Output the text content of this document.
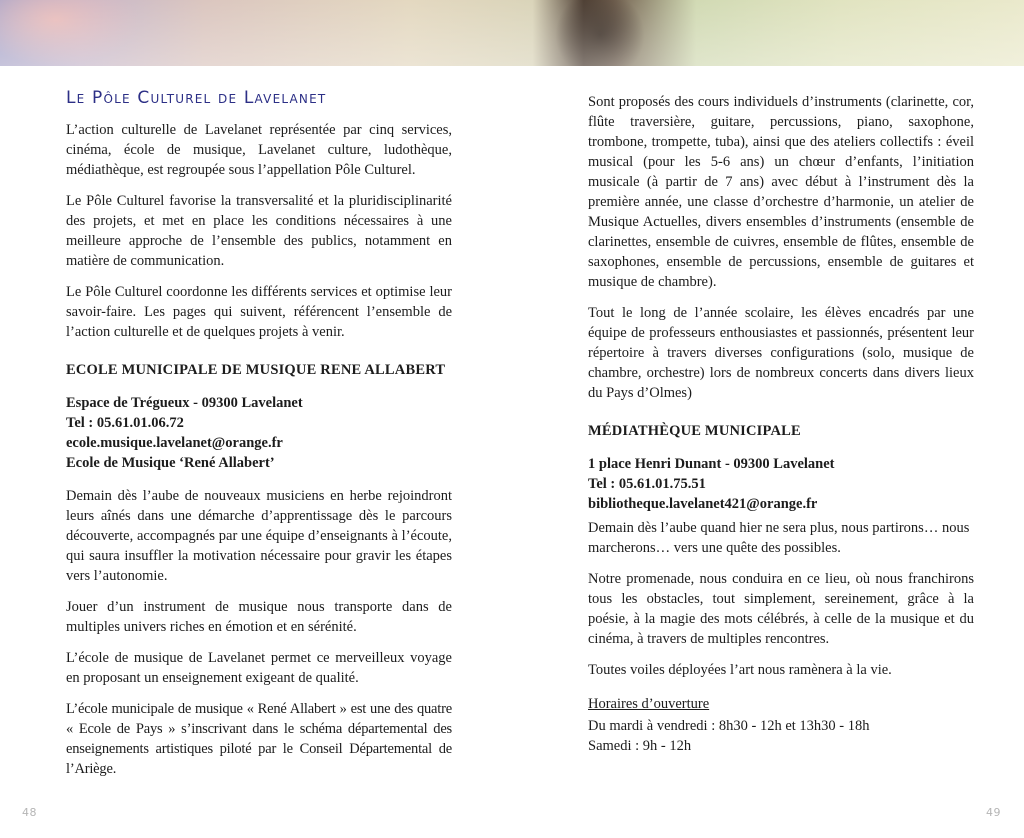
Le Pôle Culturel de Lavelanet

L’action culturelle de Lavelanet représentée par cinq services, cinéma, école de musique, Lavelanet culture, ludothèque, médiathèque, est regroupée sous l’appellation Pôle Culturel.

Le Pôle Culturel favorise la transversalité et la pluridisciplinarité des projets, et met en place les conditions nécessaires à une meilleure approche de l’ensemble des publics, notamment en matière de communication.

Le Pôle Culturel coordonne les différents services et optimise leur savoir-faire. Les pages qui suivent, référencent l’ensemble de l’action culturelle et de quelques projets à venir.

ECOLE MUNICIPALE DE MUSIQUE RENE ALLABERT
Espace de Trégueux - 09300 Lavelanet
Tel : 05.61.01.06.72
ecole.musique.lavelanet@orange.fr
Ecole de Musique ‘René Allabert’

Demain dès l’aube de nouveaux musiciens en herbe rejoindront leurs aînés dans une démarche d’apprentissage dès le parcours découverte, accompagnés par une équipe d’enseignants à l’écoute, qui saura insuffler la motivation nécessaire pour gravir les étapes vers l’autonomie.

Jouer d’un instrument de musique nous transporte dans de multiples univers riches en émotion et en sérénité.

L’école de musique de Lavelanet permet ce merveilleux voyage en proposant un enseignement exigeant de qualité.

L’école municipale de musique « René Allabert » est une des quatre « Ecole de Pays » s’inscrivant dans le schéma départemental des enseignements artistiques piloté par le Conseil Départemental de l’Ariège.

Sont proposés des cours individuels d’instruments (clarinette, cor, flûte traversière, guitare, percussions, piano, saxophone, trombone, trompette, tuba), ainsi que des ateliers collectifs : éveil musical (pour les 5-6 ans) un chœur d’enfants, l’initiation musicale (à partir de 7 ans) avec début à l’instrument dès la première année, une classe d’orchestre d’harmonie, un atelier de Musique Actuelles, divers ensembles d’instruments (ensemble de clarinettes, ensemble de cuivres, ensemble de flûtes, ensemble de saxophones, ensemble de percussions, ensemble de guitares et musique de chambre).

Tout le long de l’année scolaire, les élèves encadrés par une équipe de professeurs enthousiastes et passionnés, présentent leur répertoire à travers diverses configurations (solo, musique de chambre, orchestre) lors de nombreux concerts dans divers lieux du Pays d’Olmes)

MÉDIATHÈQUE MUNICIPALE
1 place Henri Dunant - 09300 Lavelanet
Tel : 05.61.01.75.51
bibliotheque.lavelanet421@orange.fr

Demain dès l’aube quand hier ne sera plus, nous partirons… nous marcherons… vers une quête des possibles.

Notre promenade, nous conduira en ce lieu, où nous franchirons tous les obstacles, tout simplement, sereinement, grâce à la poésie, à la magie des mots célébrés, à celle de la musique et du cinéma, à travers de multiples rencontres.

Toutes voiles déployées l’art nous ramènera à la vie.

Horaires d’ouverture
Du mardi à vendredi : 8h30 - 12h et 13h30 - 18h
Samedi : 9h - 12h
48	49
